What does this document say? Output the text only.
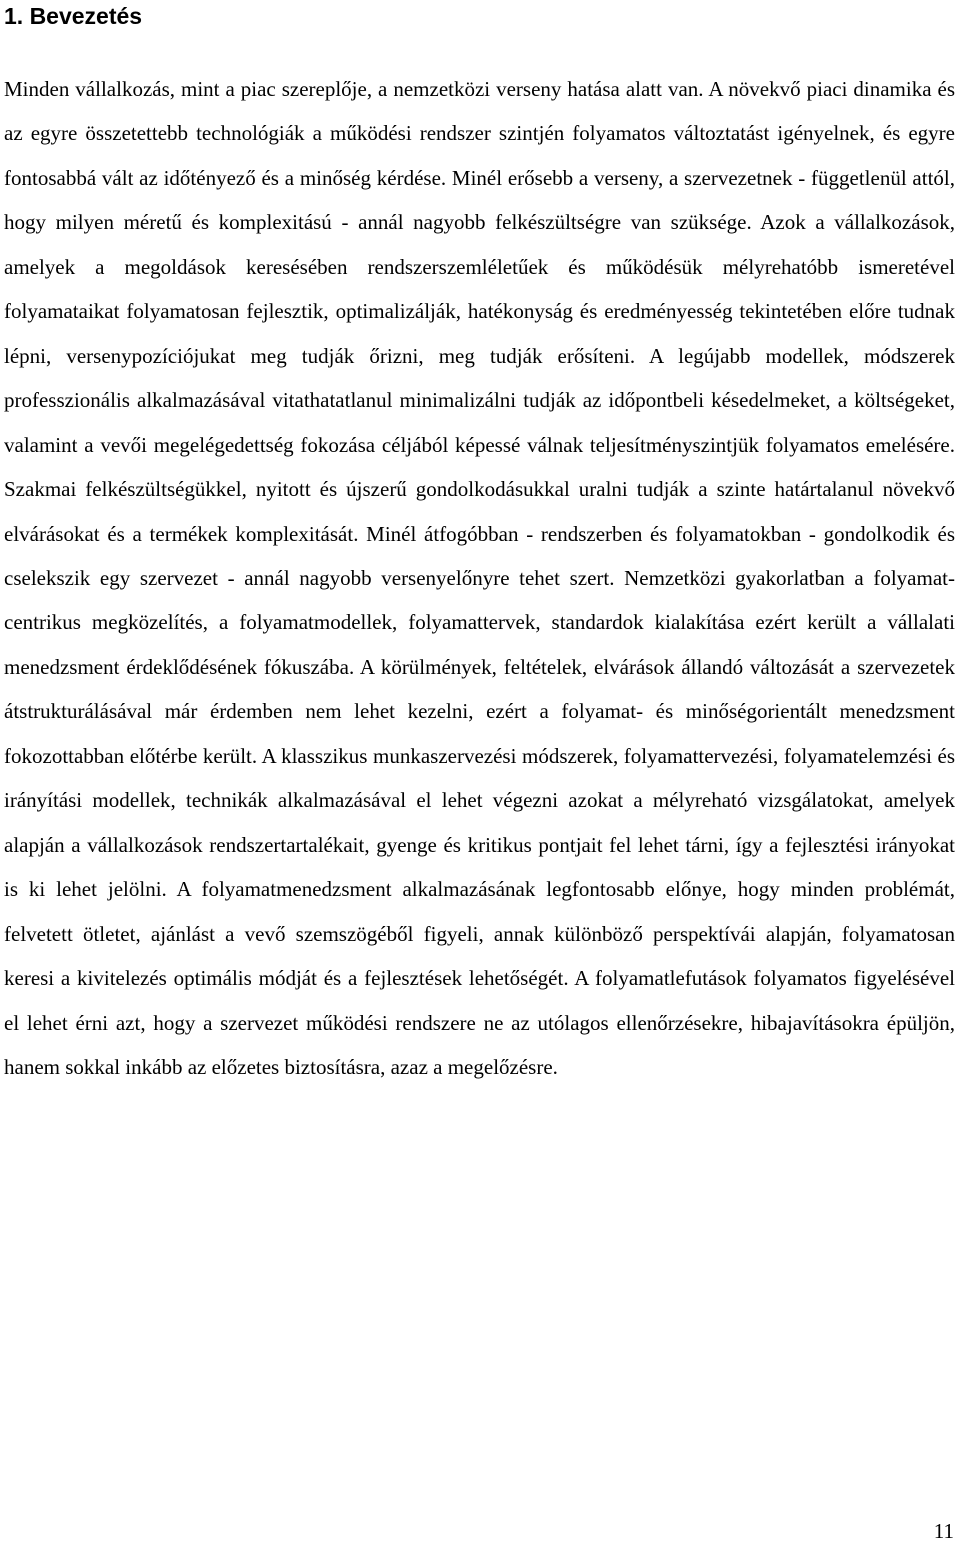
1. Bevezetés

Minden vállalkozás, mint a piac szereplője, a nemzetközi verseny hatása alatt van. A növekvő piaci dinamika és az egyre összetettebb technológiák a működési rendszer szintjén folyamatos változtatást igényelnek, és egyre fontosabbá vált az időtényező és a minőség kérdése. Minél erősebb a verseny, a szervezetnek - függetlenül attól, hogy milyen méretű és komplexitású - annál nagyobb felkészültségre van szüksége. Azok a vállalkozások, amelyek a megoldások keresésében rendszerszemléletűek és működésük mélyrehatóbb ismeretével folyamataikat folyamatosan fejlesztik, optimalizálják, hatékonyság és eredményesség tekintetében előre tudnak lépni, versenypozíciójukat meg tudják őrizni, meg tudják erősíteni. A legújabb modellek, módszerek professzionális alkalmazásával vitathatatlanul minimalizálni tudják az időpontbeli késedelmeket, a költségeket, valamint a vevői megelégedettség fokozása céljából képessé válnak teljesítményszintjük folyamatos emelésére. Szakmai felkészültségükkel, nyitott és újszerű gondolkodásukkal uralni tudják a szinte határtalanul növekvő elvárásokat és a termékek komplexitását. Minél átfogóbban - rendszerben és folyamatokban - gondolkodik és cselekszik egy szervezet - annál nagyobb versenyelőnyre tehet szert. Nemzetközi gyakorlatban a folyamat-centrikus megközelítés, a folyamatmodellek, folyamattervek, standardok kialakítása ezért került a vállalati menedzsment érdeklődésének fókuszába. A körülmények, feltételek, elvárások állandó változását a szervezetek átstrukturálásával már érdemben nem lehet kezelni, ezért a folyamat- és minőségorientált menedzsment fokozottabban előtérbe került. A klasszikus munkaszervezési módszerek, folyamattervezési, folyamatelemzési és irányítási modellek, technikák alkalmazásával el lehet végezni azokat a mélyreható vizsgálatokat, amelyek alapján a vállalkozások rendszertartalékait, gyenge és kritikus pontjait fel lehet tárni, így a fejlesztési irányokat is ki lehet jelölni. A folyamatmenedzsment alkalmazásának legfontosabb előnye, hogy minden problémát, felvetett ötletet, ajánlást a vevő szemszögéből figyeli, annak különböző perspektívái alapján, folyamatosan keresi a kivitelezés optimális módját és a fejlesztések lehetőségét. A folyamatlefutások folyamatos figyelésével el lehet érni azt, hogy a szervezet működési rendszere ne az utólagos ellenőrzésekre, hibajavításokra épüljön, hanem sokkal inkább az előzetes biztosításra, azaz a megelőzésre.

11
